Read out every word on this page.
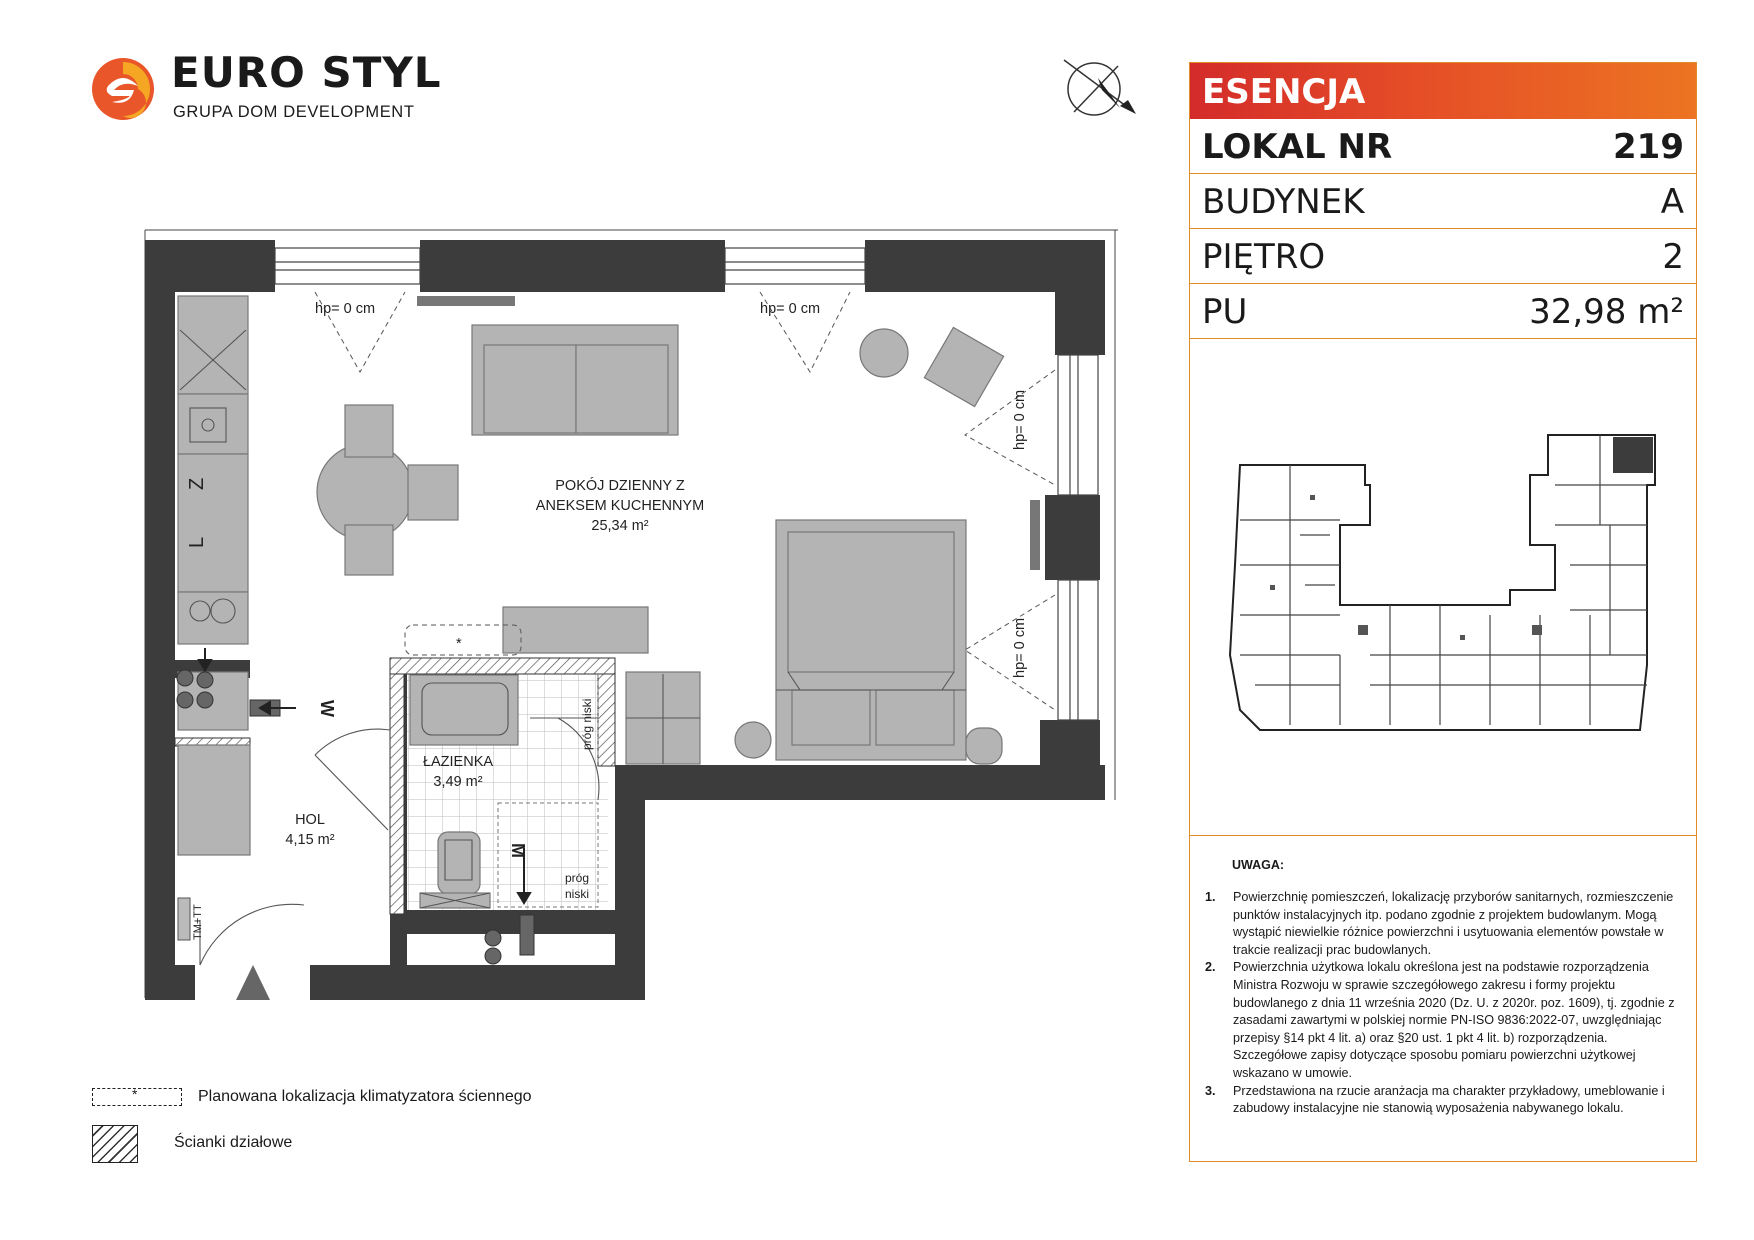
EURO STYL
GRUPA DOM DEVELOPMENT	ESENCJA
LOKAL NR	219
BUDYNEK	A
PIĘTRO	2
PU	32,98 m²
UWAGA:

1. Powierzchnię pomieszczeń, lokalizację przyborów sanitarnych, rozmieszczenie punktów instalacyjnych itp. podano zgodnie z projektem budowlanym. Mogą wystąpić niewielkie różnice powierzchni i usytuowania elementów powstałe w trakcie realizacji prac budowlanych.

2. Powierzchnia użytkowa lokalu określona jest na podstawie rozporządzenia Ministra Rozwoju w sprawie szczegółowego zakresu i formy projektu budowlanego z dnia 11 września 2020 (Dz. U. z 2020r. poz. 1609), tj. zgodnie z zasadami zawartymi w polskiej normie PN-ISO 9836:2022-07, uwzględniając przepisy §14 pkt 4 lit. a) oraz §20 ust. 1 pkt 4 lit. b) rozporządzenia. Szczegółowe zapisy dotyczące sposobu pomiaru powierzchni użytkowej wskazano w umowie.

3. Przedstawiona na rzucie aranżacja ma charakter przykładowy, umeblowanie i zabudowy instalacyjne nie stanowią wyposażenia nabywanego lokalu.

*	Planowana lokalizacja klimatyzatora ściennego
Ścianki działowe
*
POKÓJ DZIENNY Z
ANEKSEM KUCHENNYM
25,34 m²
ŁAZIENKA
3,49 m²
HOL
4,15 m²
hp= 0 cm	hp= 0 cm
hp= 0 cm
hp= 0 cm
próg niski
próg
niski
L
Z
TM+TT
W
M
